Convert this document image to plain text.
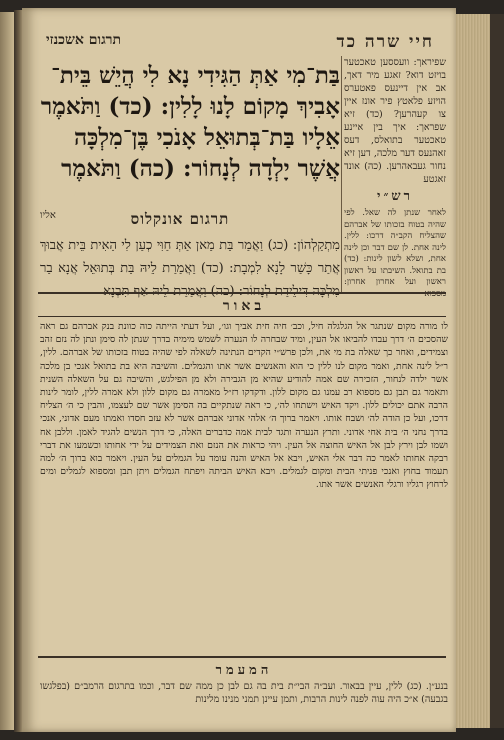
תרגום אשכנזי	חיי שרה כד
בַּת־מִי אַתְּ הַגִּידִי נָא לִי הֲיֵשׁ בֵּית־
אָבִיךְ מָקוֹם לָנוּ לָלִין: (כד) וַתֹּאמֶר
אֵלָיו בַּת־בְּתוּאֵל אָנֹכִי בֶּן־מִלְכָּה
אֲשֶׁר יָלְדָה לְנָחוֹר: (כה) וַתֹּאמֶר
אליו	תרגום אונקלוס
מִתְקַלְהוֹן: (כג) וַאֲמַר בַּת מַאן אַתְּ חַוִּי כְעַן לִי הַאִית בֵּית אֲבוּךְ אֲתַר כָּשַׁר לָנָא לִמְבָת: (כד) וַאֲמַרַת לֵיהּ בַּת בְּתוּאֵל אֲנָא בַר
שפיראך: וועססען טאכטער בויזט דוא? זאגע מיר דאך, אב אין דיינעס פאטערס הויזע פלאטץ פיר אונז איין צו קעהרען? (כד) זיא שפראך: איך בין איינע טאכטער בתואלס, דעס זאהנעס דער מלכה, דען זיא נחור געבאהרען. (כה) אונד זאגטע
רש״י
לאחר שנתן לה שאל. לפי שהיה בטוח בזכותו של אברהם שהצליח הקב״ה דרכו: ללין. לינה אחת. לן שם דבר וכן לינה אחת, ושלא לשון לינות: (כד) בת בתואל. השיבתו על ראשון ראשון ועל אחרון אחרון:
באור
לו מורה מקום שנתגר אל הגלגלה חיל, וכב׳ חיה חית אביך וגו׳, ועל דעתי הייתה כוה כוונת בנק אברהם גם ראה שהסכים ה׳ דרך עבדו להביאו אל העין, ומיד שבחרה לו הנערה לשמש מימיה בדרך שנתן לה סימן ונתן לה נזם זהב וצמידים, ואחר כך שאלה בת מי את, ולכן פרש״י הקדים הנתינה לשאלה לפי שהיה בטוח בזכותו של אברהם. ללין, ר״ל לינה אחת, ואמר מקום לנו ללין כי הוא והאנשים אשר אתו והגמלים. והשיבה היא בת בתואל אנכי בן מלכה אשר ילדה לנחור, הזכירה שם אמה להודיע שהיא מן הגבירה ולא מן הפילגש, והשיבה גם על השאלה השנית ותאמר גם תבן גם מספוא רב עמנו גם מקום ללון. ודקדקו רז״ל מאמרה גם מקום ללון ולא אמרה ללין, לומר לינות הרבה אתם יכולים ללון. ויקד האיש וישתחו לה׳, כי ראה שנתקיים בה הסימן אשר שם לעצמו, והבין כי ה׳ הצליח דרכו, ועל כן הודה לה׳ ושבח אותו. ויאמר ברוך ה׳ אלהי אדוני אברהם אשר לא עזב חסדו ואמתו מעם אדוני, אנכי בדרך נחני ה׳ בית אחי אדוני. ותרץ הנערה ותגד לבית אמה כדברים האלה, כי דרך הנשים להגיד לאמן. וללבן אח ושמו לבן וירץ לבן אל האיש החוצה אל העין. ויהי כראות את הנזם ואת הצמידים על ידי אחותו וכשמעו את דברי רבקה אחותו לאמר כה דבר אלי האיש, ויבא אל האיש והנה עומד על הגמלים על העין. ויאמר בוא ברוך ה׳ למה תעמוד בחוץ ואנכי פניתי הבית ומקום לגמלים. ויבא האיש הביתה ויפתח הגמלים ויתן תבן ומספוא לגמלים ומים לרחוץ רגליו ורגלי האנשים אשר אתו.
המעמר
בנע״ן. (כג) ללין, עיין בבאור. ועב״ה הבי״ת בית בה גם לבן כן ממה שם דבר, וכמו בתרגום הרמב״ם (בפלגשו בגבעה) א״כ היה עוה לפנה לינות הרבות, ותמן עיינן תמני מנינו מלינות
